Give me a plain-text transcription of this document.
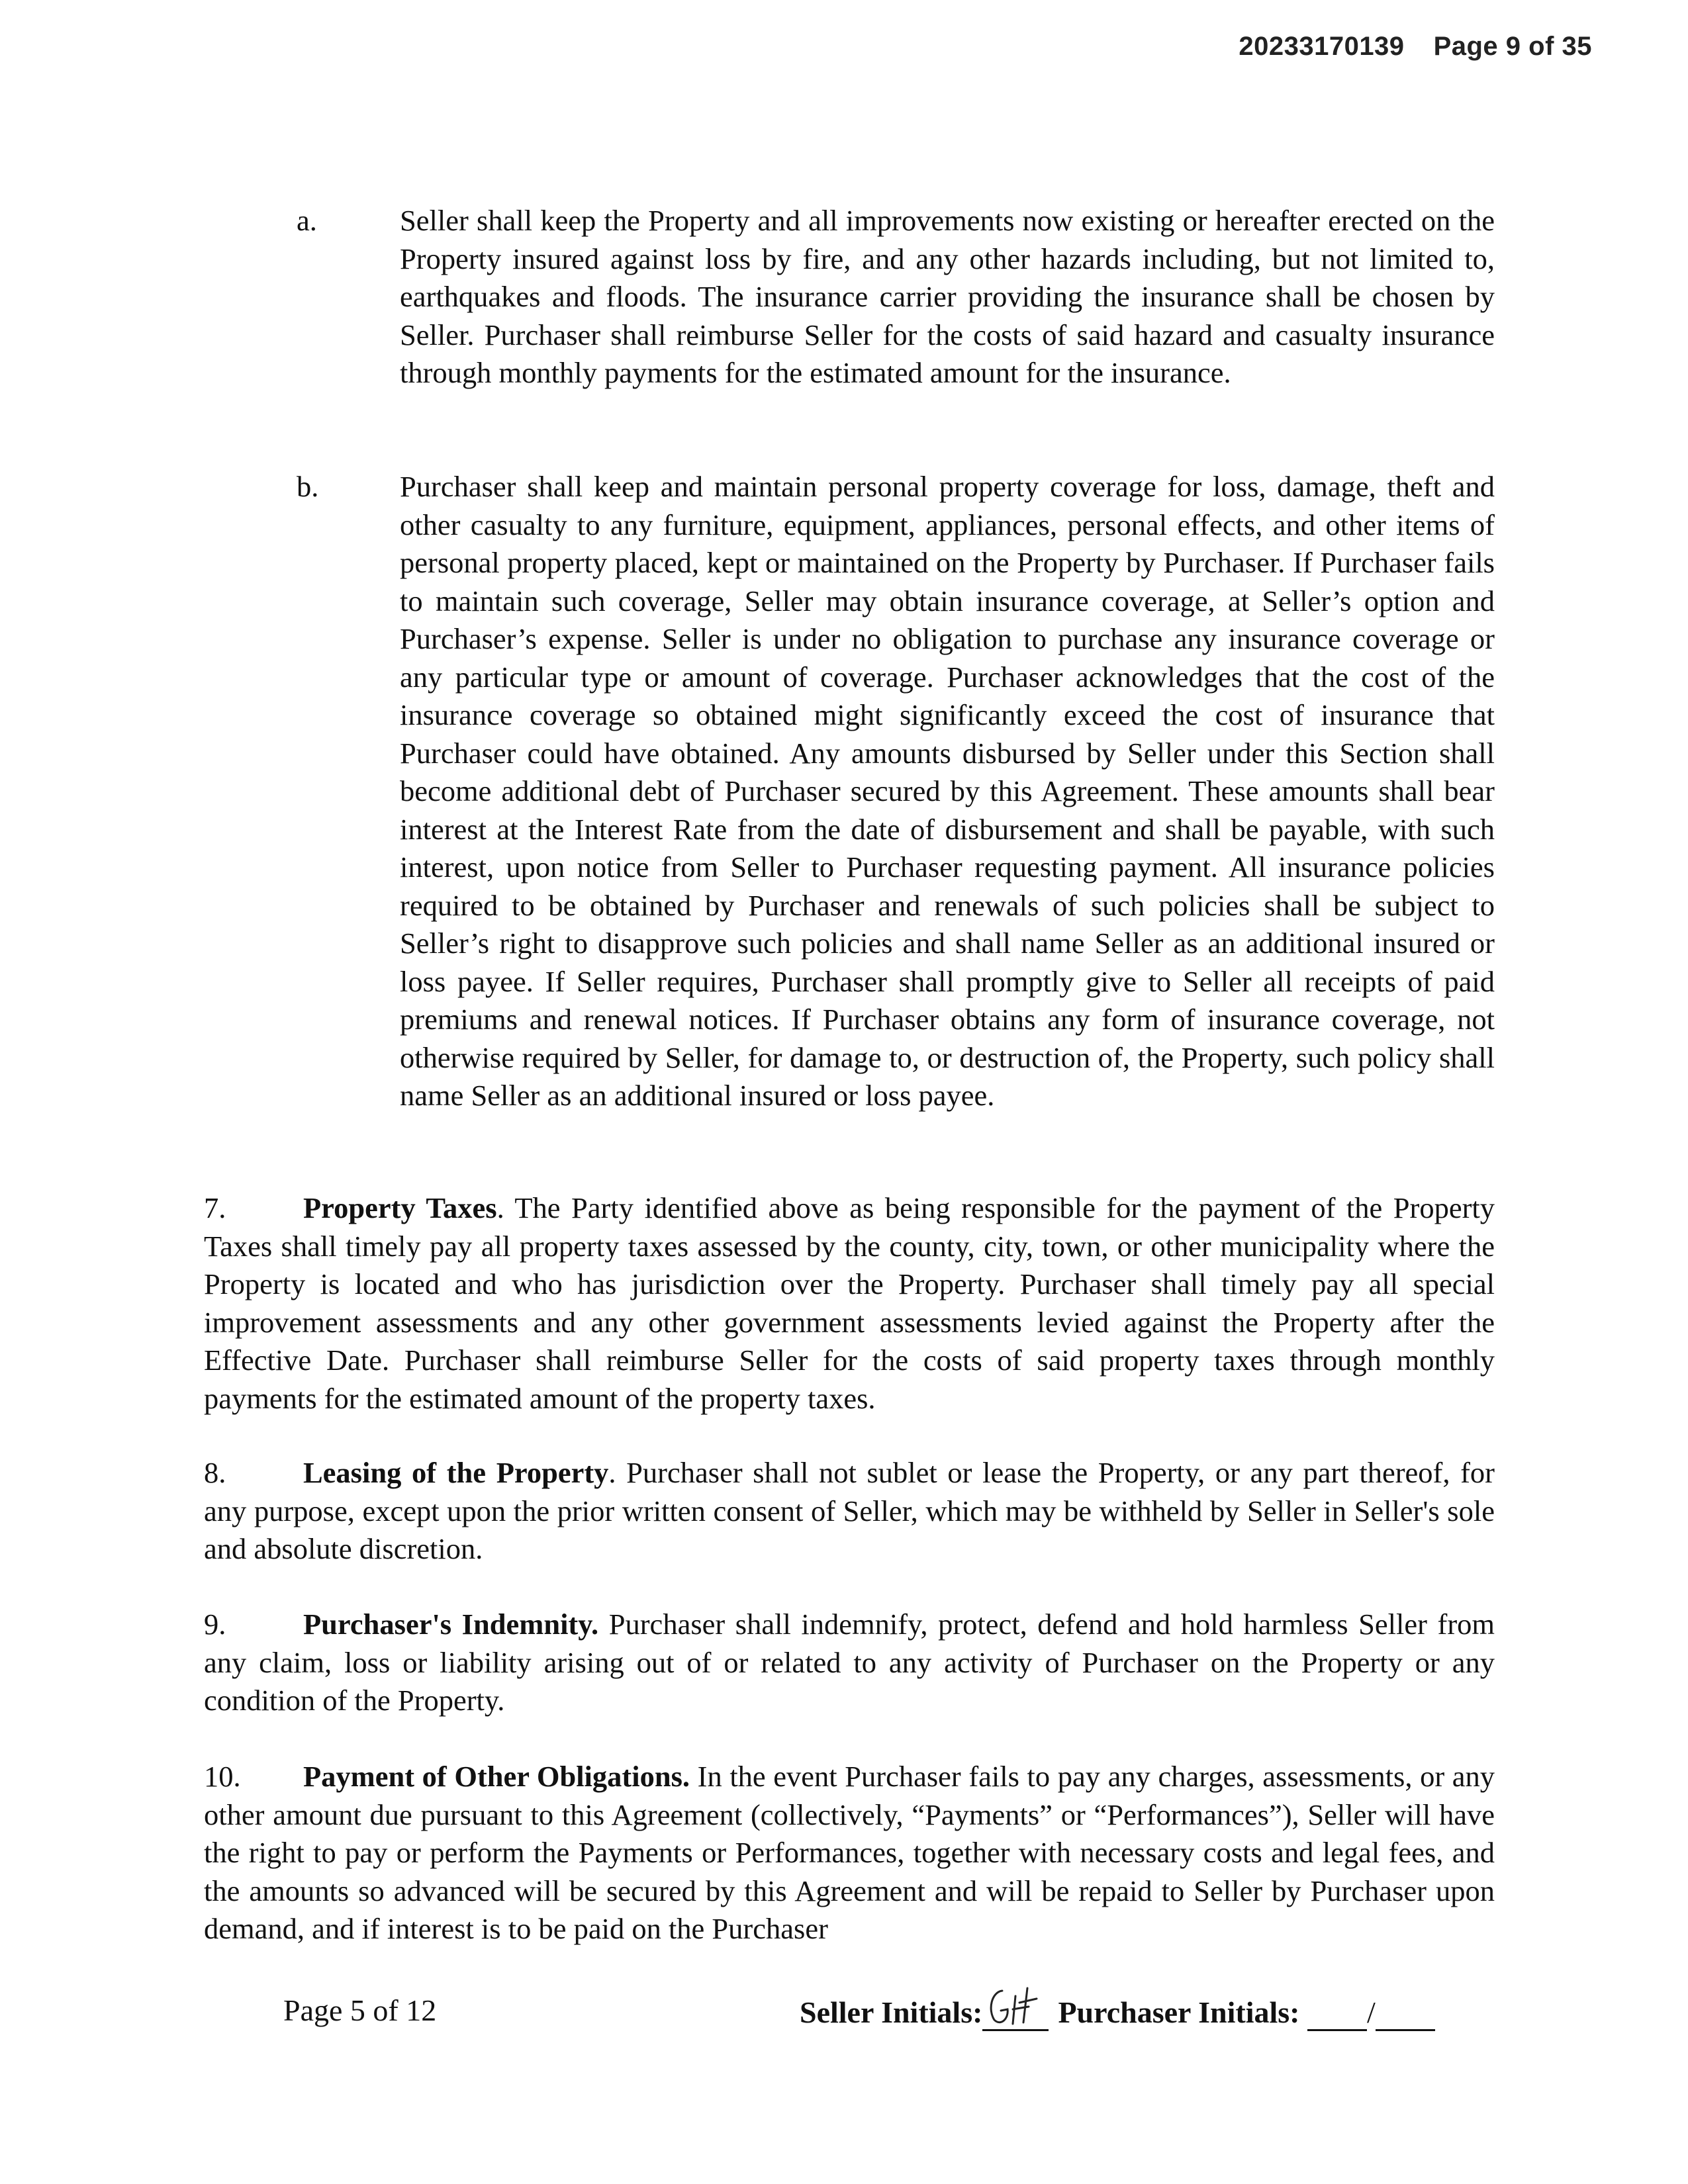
20233170139 Page 9 of 35
a.	Seller shall keep the Property and all improvements now existing or hereafter erected on the Property insured against loss by fire, and any other hazards including, but not limited to, earthquakes and floods. The insurance carrier providing the insurance shall be chosen by Seller. Purchaser shall reimburse Seller for the costs of said hazard and casualty insurance through monthly payments for the estimated amount for the insurance.
b.	Purchaser shall keep and maintain personal property coverage for loss, damage, theft and other casualty to any furniture, equipment, appliances, personal effects, and other items of personal property placed, kept or maintained on the Property by Purchaser. If Purchaser fails to maintain such coverage, Seller may obtain insurance coverage, at Seller’s option and Purchaser’s expense. Seller is under no obligation to purchase any insurance coverage or any particular type or amount of coverage. Purchaser acknowledges that the cost of the insurance coverage so obtained might significantly exceed the cost of insurance that Purchaser could have obtained. Any amounts disbursed by Seller under this Section shall become additional debt of Purchaser secured by this Agreement. These amounts shall bear interest at the Interest Rate from the date of disbursement and shall be payable, with such interest, upon notice from Seller to Purchaser requesting payment. All insurance policies required to be obtained by Purchaser and renewals of such policies shall be subject to Seller’s right to disapprove such policies and shall name Seller as an additional insured or loss payee. If Seller requires, Purchaser shall promptly give to Seller all receipts of paid premiums and renewal notices. If Purchaser obtains any form of insurance coverage, not otherwise required by Seller, for damage to, or destruction of, the Property, such policy shall name Seller as an additional insured or loss payee.
7.	Property Taxes. The Party identified above as being responsible for the payment of the Property Taxes shall timely pay all property taxes assessed by the county, city, town, or other municipality where the Property is located and who has jurisdiction over the Property. Purchaser shall timely pay all special improvement assessments and any other government assessments levied against the Property after the Effective Date. Purchaser shall reimburse Seller for the costs of said property taxes through monthly payments for the estimated amount of the property taxes.
8.	Leasing of the Property. Purchaser shall not sublet or lease the Property, or any part thereof, for any purpose, except upon the prior written consent of Seller, which may be withheld by Seller in Seller's sole and absolute discretion.
9.	Purchaser's Indemnity. Purchaser shall indemnify, protect, defend and hold harmless Seller from any claim, loss or liability arising out of or related to any activity of Purchaser on the Property or any condition of the Property.
10. Payment of Other Obligations. In the event Purchaser fails to pay any charges, assessments, or any other amount due pursuant to this Agreement (collectively, “Payments” or “Performances”), Seller will have the right to pay or perform the Payments or Performances, together with necessary costs and legal fees, and the amounts so advanced will be secured by this Agreement and will be repaid to Seller by Purchaser upon demand, and if interest is to be paid on the Purchaser
Page 5 of 12	Seller Initials: Purchaser Initials: /
